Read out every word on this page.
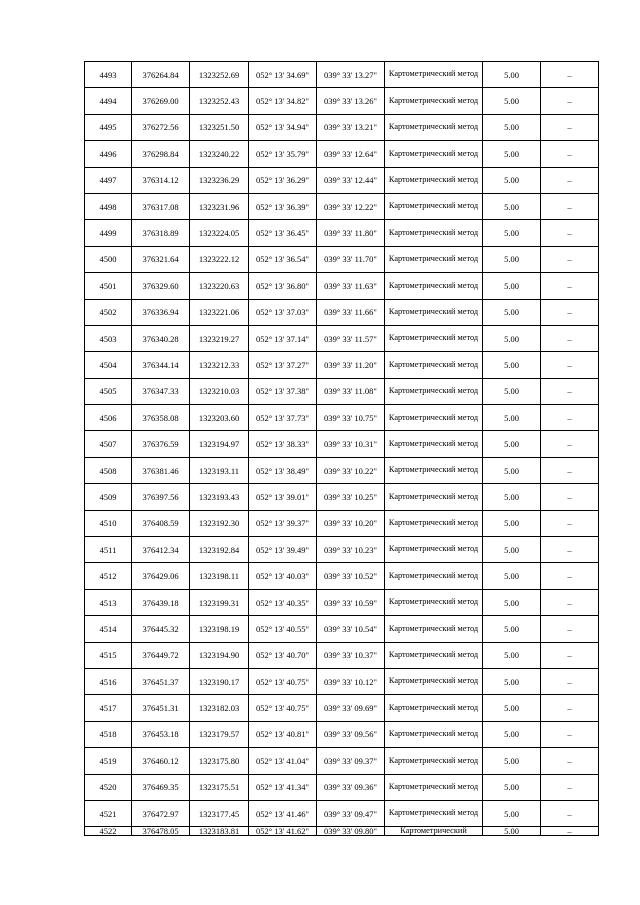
4493	376264.84	1323252.69	052° 13' 34.69"	039° 33' 13.27"	Картометрический метод	5.00	–
4494	376269.00	1323252.43	052° 13' 34.82"	039° 33' 13.26"	Картометрический метод	5.00	–
4495	376272.56	1323251.50	052° 13' 34.94"	039° 33' 13.21"	Картометрический метод	5.00	–
4496	376298.84	1323240.22	052° 13' 35.79"	039° 33' 12.64"	Картометрический метод	5.00	–
4497	376314.12	1323236.29	052° 13' 36.29"	039° 33' 12.44"	Картометрический метод	5.00	–
4498	376317.08	1323231.96	052° 13' 36.39"	039° 33' 12.22"	Картометрический метод	5.00	–
4499	376318.89	1323224.05	052° 13' 36.45"	039° 33' 11.80"	Картометрический метод	5.00	–
4500	376321.64	1323222.12	052° 13' 36.54"	039° 33' 11.70"	Картометрический метод	5.00	–
4501	376329.60	1323220.63	052° 13' 36.80"	039° 33' 11.63"	Картометрический метод	5.00	–
4502	376336.94	1323221.06	052° 13' 37.03"	039° 33' 11.66"	Картометрический метод	5.00	–
4503	376340.28	1323219.27	052° 13' 37.14"	039° 33' 11.57"	Картометрический метод	5.00	–
4504	376344.14	1323212.33	052° 13' 37.27"	039° 33' 11.20"	Картометрический метод	5.00	–
4505	376347.33	1323210.03	052° 13' 37.38"	039° 33' 11.08"	Картометрический метод	5.00	–
4506	376358.08	1323203.60	052° 13' 37.73"	039° 33' 10.75"	Картометрический метод	5.00	–
4507	376376.59	1323194.97	052° 13' 38.33"	039° 33' 10.31"	Картометрический метод	5.00	–
4508	376381.46	1323193.11	052° 13' 38.49"	039° 33' 10.22"	Картометрический метод	5.00	–
4509	376397.56	1323193.43	052° 13' 39.01"	039° 33' 10.25"	Картометрический метод	5.00	–
4510	376408.59	1323192.30	052° 13' 39.37"	039° 33' 10.20"	Картометрический метод	5.00	–
4511	376412.34	1323192.84	052° 13' 39.49"	039° 33' 10.23"	Картометрический метод	5.00	–
4512	376429.06	1323198.11	052° 13' 40.03"	039° 33' 10.52"	Картометрический метод	5.00	–
4513	376439.18	1323199.31	052° 13' 40.35"	039° 33' 10.59"	Картометрический метод	5.00	–
4514	376445.32	1323198.19	052° 13' 40.55"	039° 33' 10.54"	Картометрический метод	5.00	–
4515	376449.72	1323194.90	052° 13' 40.70"	039° 33' 10.37"	Картометрический метод	5.00	–
4516	376451.37	1323190.17	052° 13' 40.75"	039° 33' 10.12"	Картометрический метод	5.00	–
4517	376451.31	1323182.03	052° 13' 40.75"	039° 33' 09.69"	Картометрический метод	5.00	–
4518	376453.18	1323179.57	052° 13' 40.81"	039° 33' 09.56"	Картометрический метод	5.00	–
4519	376460.12	1323175.80	052° 13' 41.04"	039° 33' 09.37"	Картометрический метод	5.00	–
4520	376469.35	1323175.51	052° 13' 41.34"	039° 33' 09.36"	Картометрический метод	5.00	–
4521	376472.97	1323177.45	052° 13' 41.46"	039° 33' 09.47"	Картометрический метод	5.00	–
4522	376478.05	1323183.81	052° 13' 41.62"	039° 33' 09.80"	Картометрический	5.00	–
